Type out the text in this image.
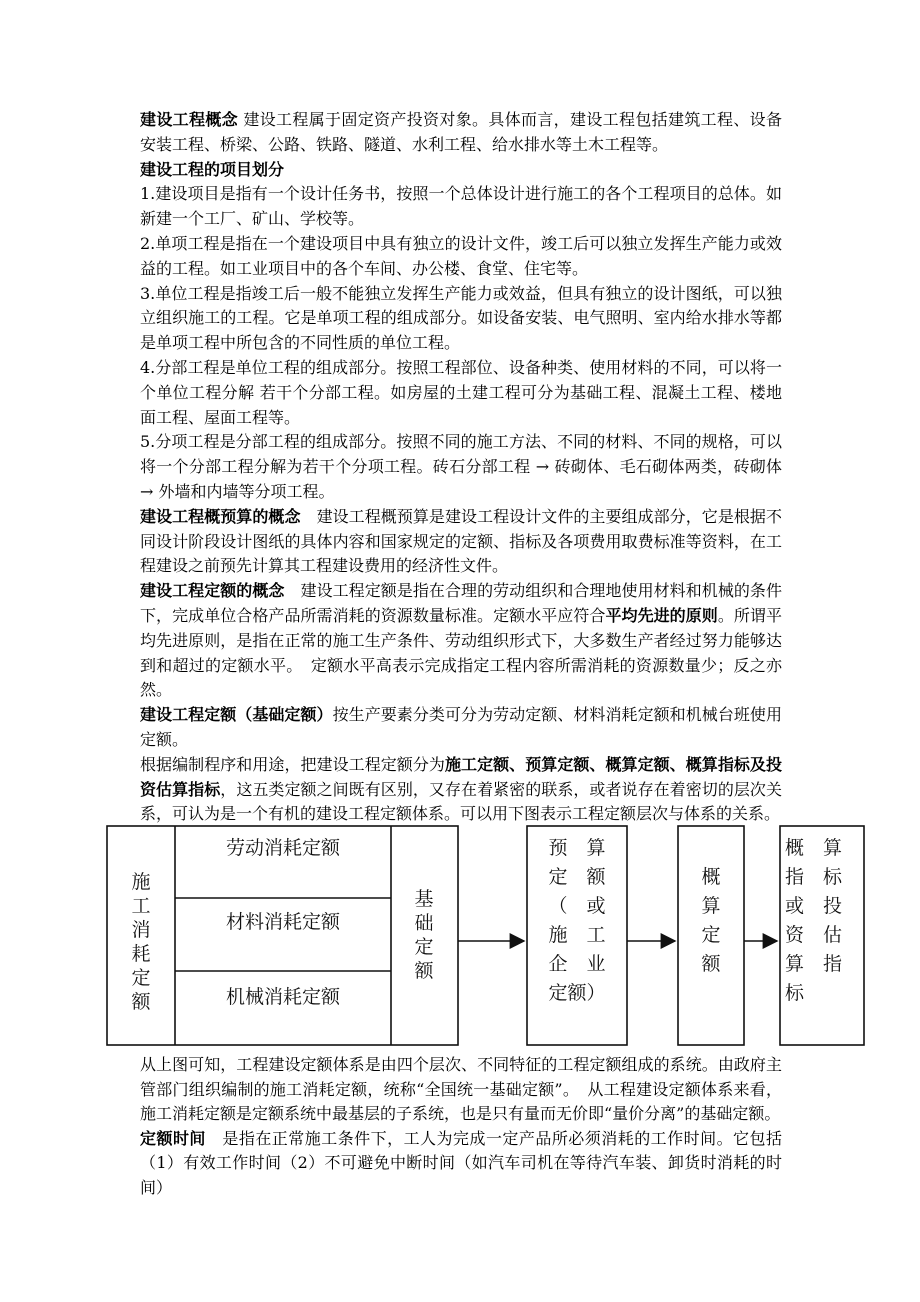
建设工程概念 建设工程属于固定资产投资对象。具体而言，建设工程包括建筑工程、设备安装工程、桥梁、公路、铁路、隧道、水利工程、给水排水等土木工程等。

建设工程的项目划分

1.建设项目是指有一个设计任务书，按照一个总体设计进行施工的各个工程项目的总体。如新建一个工厂、矿山、学校等。

2.单项工程是指在一个建设项目中具有独立的设计文件，竣工后可以独立发挥生产能力或效益的工程。如工业项目中的各个车间、办公楼、食堂、住宅等。

3.单位工程是指竣工后一般不能独立发挥生产能力或效益，但具有独立的设计图纸，可以独立组织施工的工程。它是单项工程的组成部分。如设备安装、电气照明、室内给水排水等都是单项工程中所包含的不同性质的单位工程。

4.分部工程是单位工程的组成部分。按照工程部位、设备种类、使用材料的不同，可以将一个单位工程分解 若干个分部工程。如房屋的土建工程可分为基础工程、混凝土工程、楼地面工程、屋面工程等。

5.分项工程是分部工程的组成部分。按照不同的施工方法、不同的材料、不同的规格，可以将一个分部工程分解为若干个分项工程。砖石分部工程 → 砖砌体、毛石砌体两类，砖砌体 → 外墙和内墙等分项工程。

建设工程概预算的概念　建设工程概预算是建设工程设计文件的主要组成部分，它是根据不同设计阶段设计图纸的具体内容和国家规定的定额、指标及各项费用取费标准等资料，在工程建设之前预先计算其工程建设费用的经济性文件。

建设工程定额的概念　建设工程定额是指在合理的劳动组织和合理地使用材料和机械的条件下，完成单位合格产品所需消耗的资源数量标准。定额水平应符合平均先进的原则。所谓平均先进原则，是指在正常的施工生产条件、劳动组织形式下，大多数生产者经过努力能够达到和超过的定额水平。　定额水平高表示完成指定工程内容所需消耗的资源数量少；反之亦然。

建设工程定额（基础定额）按生产要素分类可分为劳动定额、材料消耗定额和机械台班使用定额。

根据编制程序和用途，把建设工程定额分为施工定额、预算定额、概算定额、概算指标及投资估算指标，这五类定额之间既有区别，又存在着紧密的联系，或者说存在着密切的层次关系，可认为是一个有机的建设工程定额体系。可以用下图表示工程定额层次与体系的关系。

施
工
消
耗
定
额
劳动消耗定额
材料消耗定额
机械消耗定额
基
础
定
额
预　算
定　额
（　或
施　工
企　业
定额）
概
算
定
额
概　算
指　标
或　投
资　估
算　指
标

从上图可知，工程建设定额体系是由四个层次、不同特征的工程定额组成的系统。由政府主管部门组织编制的施工消耗定额，统称“全国统一基础定额”。　从工程建设定额体系来看，施工消耗定额是定额系统中最基层的子系统，也是只有量而无价即“量价分离”的基础定额。

定额时间　是指在正常施工条件下，工人为完成一定产品所必须消耗的工作时间。它包括（1）有效工作时间（2）不可避免中断时间（如汽车司机在等待汽车装、卸货时消耗的时间）
